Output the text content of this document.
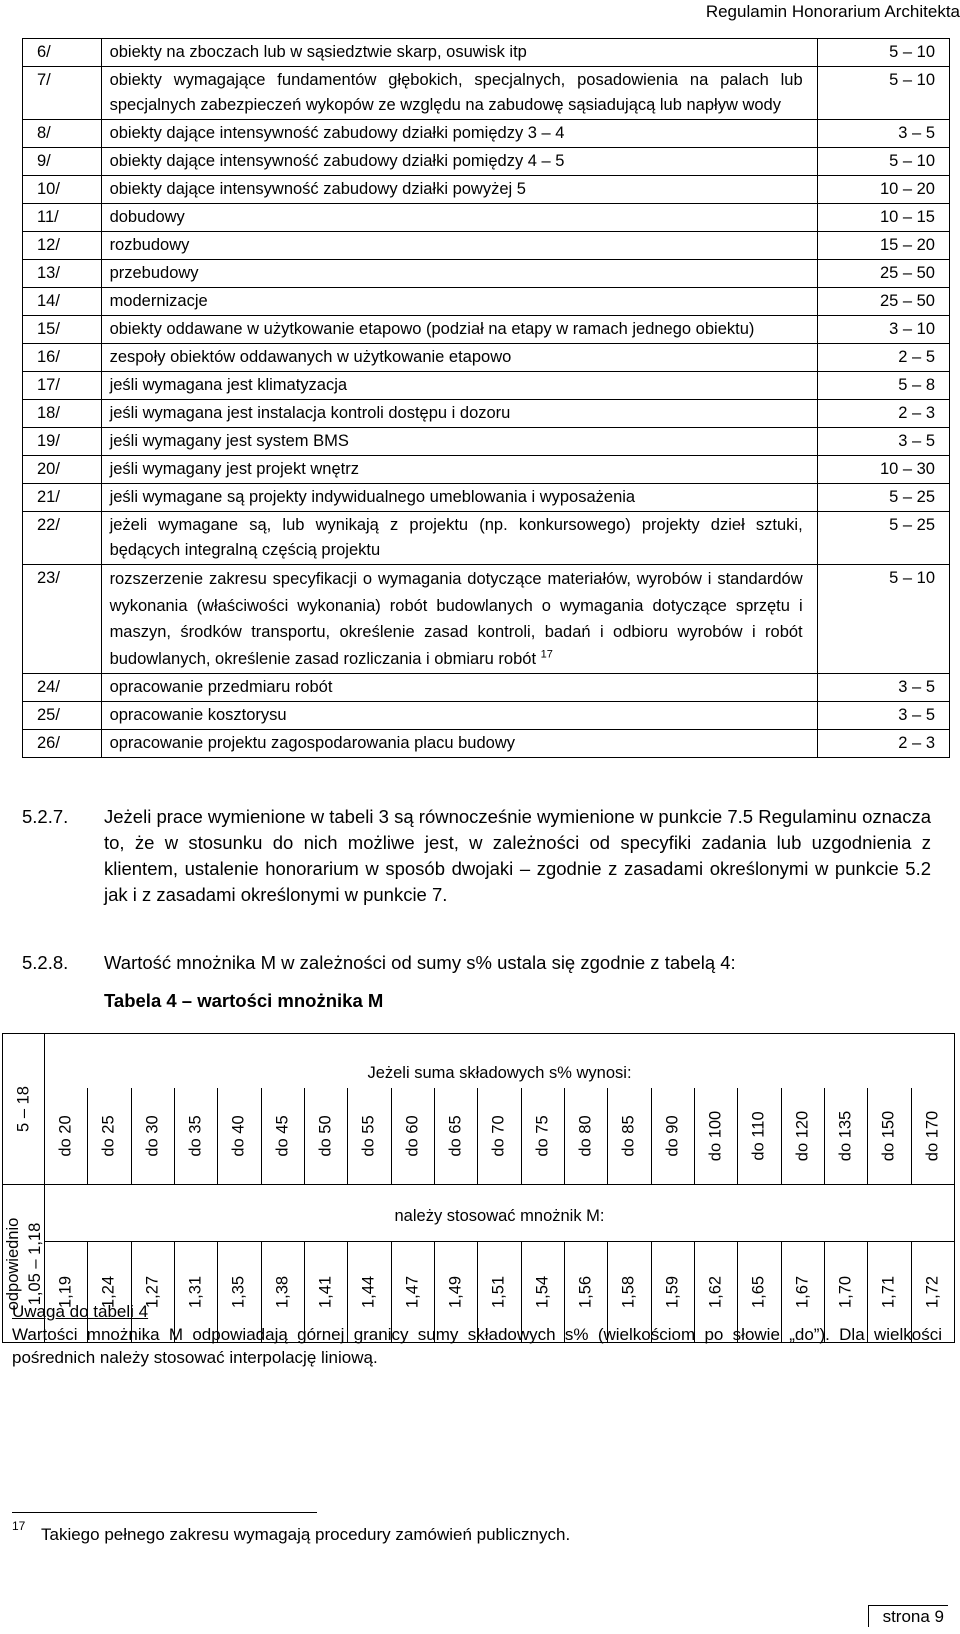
Regulamin Honorarium Architekta
6/	obiekty na zboczach lub w sąsiedztwie skarp, osuwisk itp	5 – 10
7/	obiekty wymagające fundamentów głębokich, specjalnych, posadowienia na palach lub specjalnych zabezpieczeń wykopów ze względu na zabudowę sąsiadującą lub napływ wody	5 – 10
8/	obiekty dające intensywność zabudowy działki pomiędzy 3 – 4	3 – 5
9/	obiekty dające intensywność zabudowy działki pomiędzy 4 – 5	5 – 10
10/	obiekty dające intensywność zabudowy działki powyżej 5	10 – 20
11/	dobudowy	10 – 15
12/	rozbudowy	15 – 20
13/	przebudowy	25 – 50
14/	modernizacje	25 – 50
15/	obiekty oddawane w użytkowanie etapowo (podział na etapy w ramach jednego obiektu)	3 – 10
16/	zespoły obiektów oddawanych w użytkowanie etapowo	2 – 5
17/	jeśli wymagana jest klimatyzacja	5 – 8
18/	jeśli wymagana jest instalacja kontroli dostępu i dozoru	2 – 3
19/	jeśli wymagany jest system BMS	3 – 5
20/	jeśli wymagany jest projekt wnętrz	10 – 30
21/	jeśli wymagane są projekty indywidualnego umeblowania i wyposażenia	5 – 25
22/	jeżeli wymagane są, lub wynikają z projektu (np. konkursowego) projekty dzieł sztuki, będących integralną częścią projektu	5 – 25
23/	rozszerzenie zakresu specyfikacji o wymagania dotyczące materiałów, wyrobów i standardów wykonania (właściwości wykonania) robót budowlanych o wymagania dotyczące sprzętu i maszyn, środków transportu, określenie zasad kontroli, badań i odbioru wyrobów i robót budowlanych, określenie zasad rozliczania i obmiaru robót $^{17}$	5 – 10
24/	opracowanie przedmiaru robót	3 – 5
25/	opracowanie kosztorysu	3 – 5
26/	opracowanie projektu zagospodarowania placu budowy	2 – 3
5.2.7. Jeżeli prace wymienione w tabeli 3 są równocześnie wymienione w punkcie 7.5 Regulaminu oznacza to, że w stosunku do nich możliwe jest, w zależności od specyfiki zadania lub uzgodnienia z klientem, ustalenie honorarium w sposób dwojaki – zgodnie z zasadami określonymi w punkcie 5.2 jak i z zasadami określonymi w punkcie 7.
5.2.8. Wartość mnożnika M w zależności od sumy s% ustala się zgodnie z tabelą 4:
Tabela 4 – wartości mnożnika M
5 – 18	Jeżeli suma składowych s% wynosi:																				

	do 20	do 25	do 30	do 35	do 40	do 45	do 50	do 55	do 60	do 65	do 70	do 75	do 80	do 85	do 90	do 100	do 110	do 120	do 135	do 150	do 170

odpowiednio 1,05 – 1,18	należy stosować mnożnik M:																				

	1,19	1,24	1,27	1,31	1,35	1,38	1,41	1,44	1,47	1,49	1,51	1,54	1,56	1,58	1,59	1,62	1,65	1,67	1,70	1,71	1,72
Uwaga do tabeli 4
Wartości mnożnika M odpowiadają górnej granicy sumy składowych s% (wielkościom po słowie „do”). Dla wielkości pośrednich należy stosować interpolację liniową.
17 Takiego pełnego zakresu wymagają procedury zamówień publicznych.
strona 9
